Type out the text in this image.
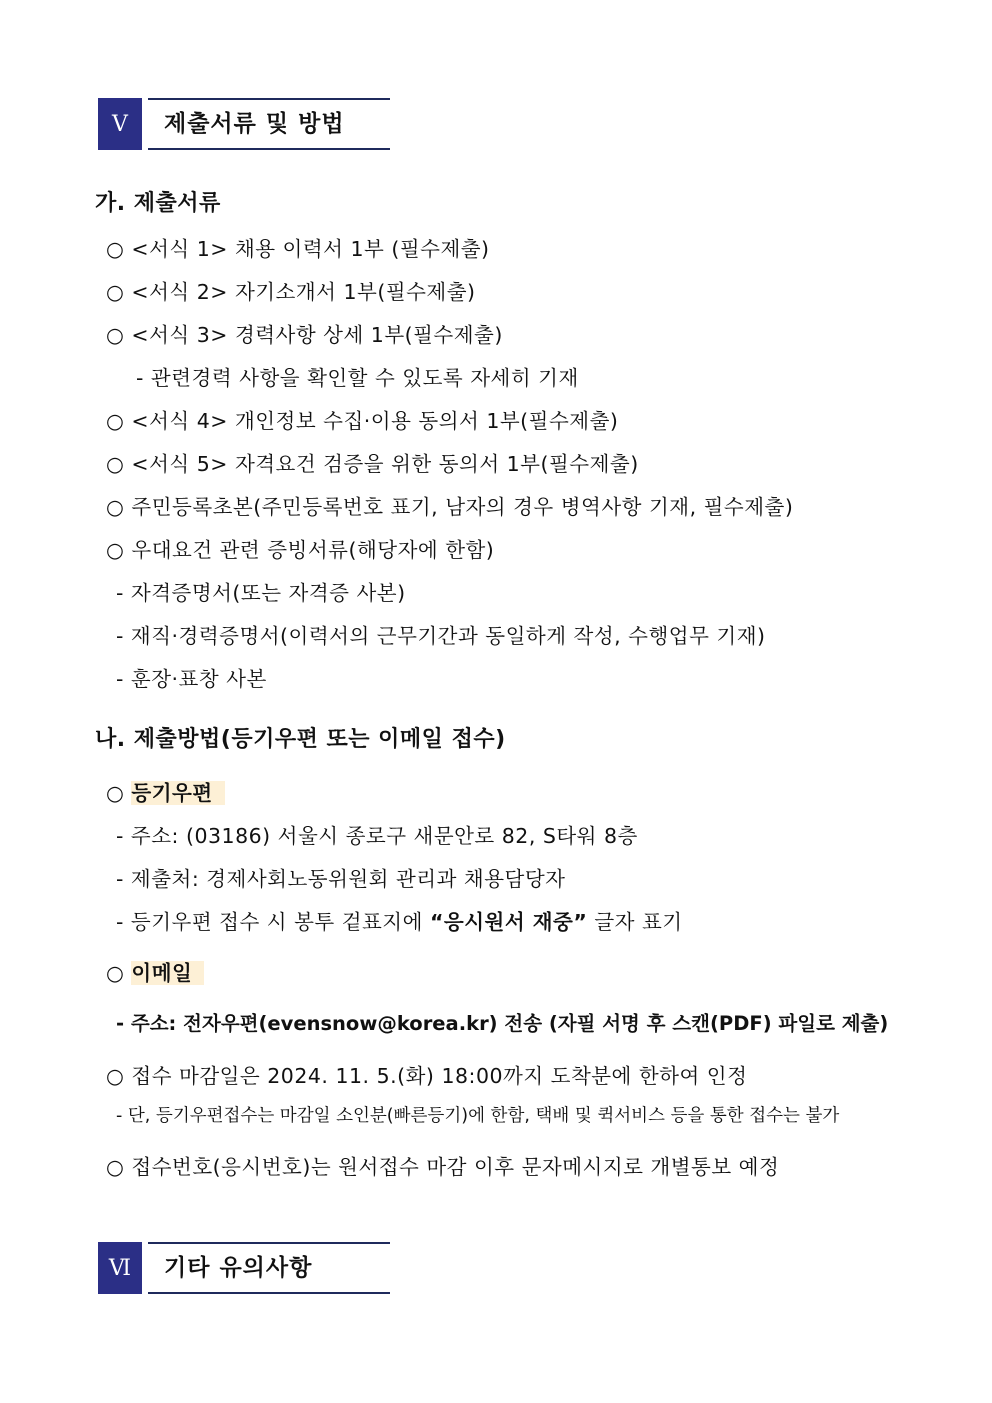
Ⅴ	제출서류 및 방법
가. 제출서류
○ <서식 1> 채용 이력서 1부 (필수제출)
○ <서식 2> 자기소개서 1부(필수제출)
○ <서식 3> 경력사항 상세 1부(필수제출)
- 관련경력 사항을 확인할 수 있도록 자세히 기재
○ <서식 4> 개인정보 수집·이용 동의서 1부(필수제출)
○ <서식 5> 자격요건 검증을 위한 동의서 1부(필수제출)
○ 주민등록초본(주민등록번호 표기, 남자의 경우 병역사항 기재, 필수제출)
○ 우대요건 관련 증빙서류(해당자에 한함)
- 자격증명서(또는 자격증 사본)
- 재직·경력증명서(이력서의 근무기간과 동일하게 작성, 수행업무 기재)
- 훈장·표창 사본
나. 제출방법(등기우편 또는 이메일 접수)
○ 등기우편
- 주소: (03186) 서울시 종로구 새문안로 82, S타워 8층
- 제출처: 경제사회노동위원회 관리과 채용담당자
- 등기우편 접수 시 봉투 겉표지에 “응시원서 재중” 글자 표기
○ 이메일
- 주소: 전자우편(evensnow@korea.kr) 전송 (자필 서명 후 스캔(PDF) 파일로 제출)
○ 접수 마감일은 2024. 11. 5.(화) 18:00까지 도착분에 한하여 인정
- 단, 등기우편접수는 마감일 소인분(빠른등기)에 한함, 택배 및 퀵서비스 등을 통한 접수는 불가
○ 접수번호(응시번호)는 원서접수 마감 이후 문자메시지로 개별통보 예정
Ⅵ	기타 유의사항
